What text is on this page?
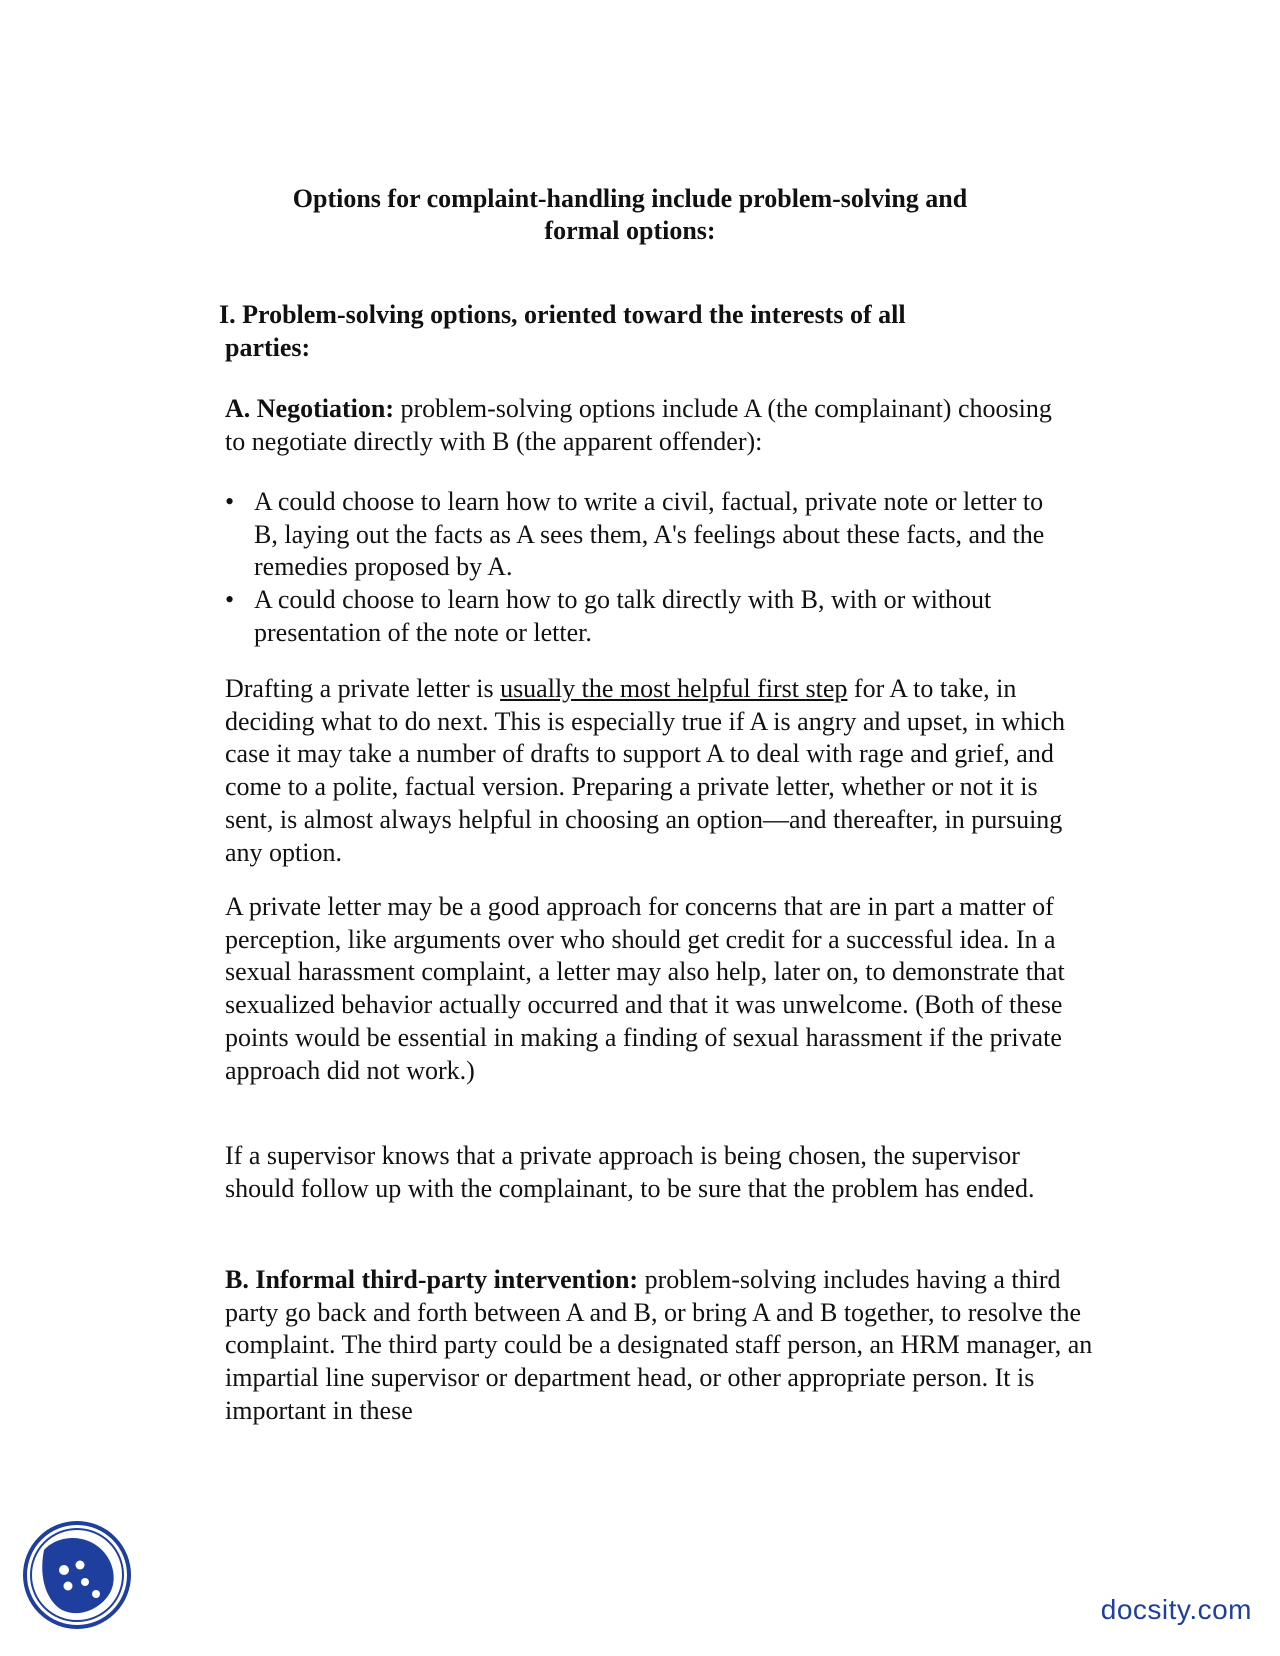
Options for complaint-handling include problem-solving and
formal options:
I. Problem-solving options, oriented toward the interests of all
parties:
A. Negotiation: problem-solving options include A (the complainant) choosing to negotiate directly with B (the apparent offender):
• A could choose to learn how to write a civil, factual, private note or letter to B, laying out the facts as A sees them, A's feelings about these facts, and the remedies proposed by A.
• A could choose to learn how to go talk directly with B, with or without presentation of the note or letter.
Drafting a private letter is usually the most helpful first step for A to take, in deciding what to do next. This is especially true if A is angry and upset, in which case it may take a number of drafts to support A to deal with rage and grief, and come to a polite, factual version. Preparing a private letter, whether or not it is sent, is almost always helpful in choosing an option—and thereafter, in pursuing any option.
A private letter may be a good approach for concerns that are in part a matter of perception, like arguments over who should get credit for a successful idea. In a sexual harassment complaint, a letter may also help, later on, to demonstrate that sexualized behavior actually occurred and that it was unwelcome. (Both of these points would be essential in making a finding of sexual harassment if the private approach did not work.)
If a supervisor knows that a private approach is being chosen, the supervisor should follow up with the complainant, to be sure that the problem has ended.
B. Informal third-party intervention: problem-solving includes having a third party go back and forth between A and B, or bring A and B together, to resolve the complaint. The third party could be a designated staff person, an HRM manager, an impartial line supervisor or department head, or other appropriate person. It is important in these
docsity.com
